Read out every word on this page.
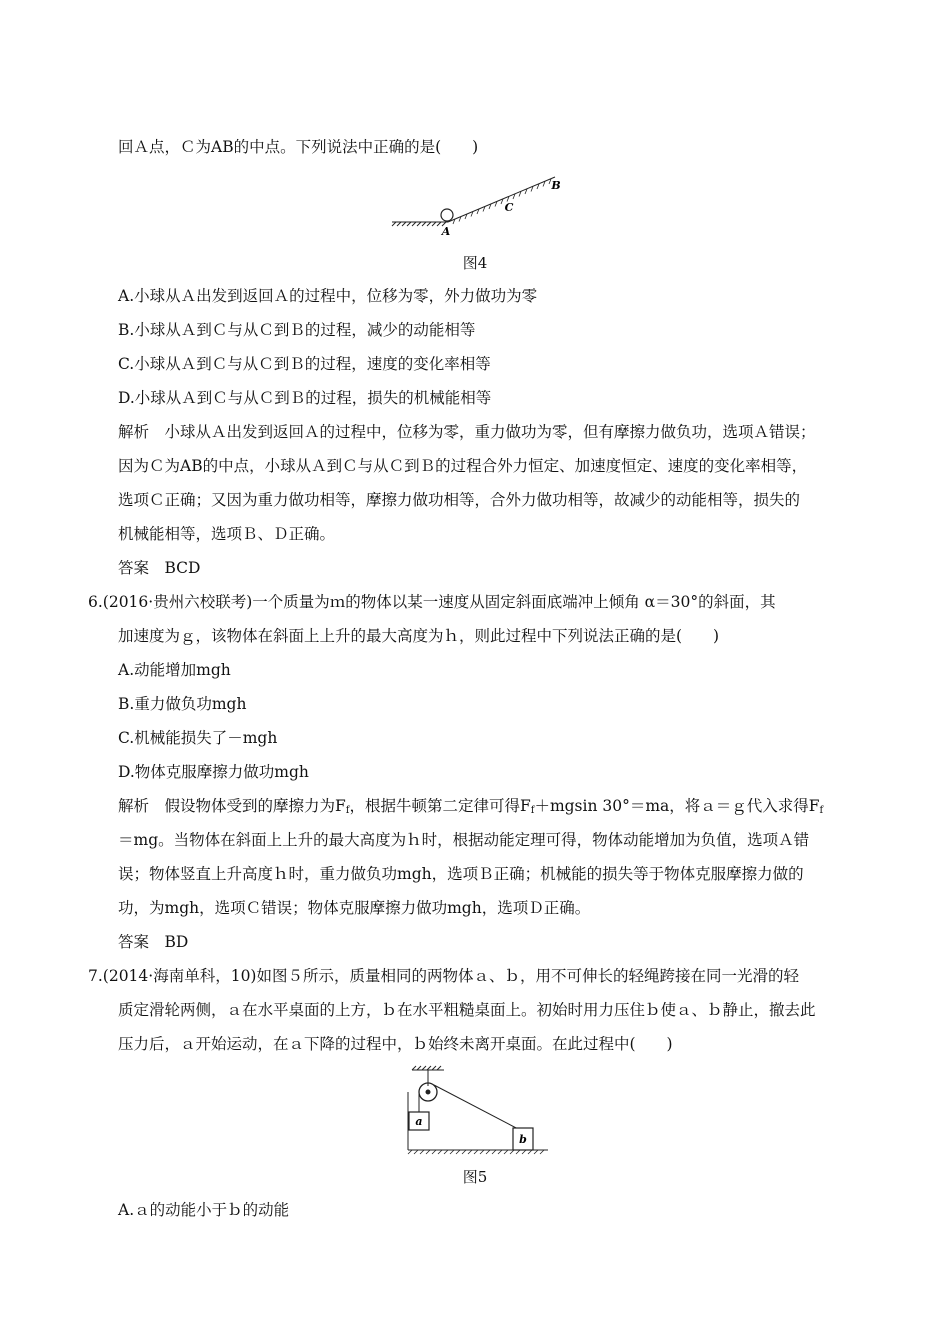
回Ａ点，Ｃ为AB的中点。下列说法中正确的是(　　)
A
C
B
图4
A.小球从Ａ出发到返回Ａ的过程中，位移为零，外力做功为零
B.小球从Ａ到Ｃ与从Ｃ到Ｂ的过程，减少的动能相等
C.小球从Ａ到Ｃ与从Ｃ到Ｂ的过程，速度的变化率相等
D.小球从Ａ到Ｃ与从Ｃ到Ｂ的过程，损失的机械能相等
解析　小球从Ａ出发到返回Ａ的过程中，位移为零，重力做功为零，但有摩擦力做负功，选项Ａ错误；
因为Ｃ为AB的中点，小球从Ａ到Ｃ与从Ｃ到Ｂ的过程合外力恒定、加速度恒定、速度的变化率相等，
选项Ｃ正确；又因为重力做功相等，摩擦力做功相等，合外力做功相等，故减少的动能相等，损失的
机械能相等，选项Ｂ、Ｄ正确。
答案　BCD
6.(2016·贵州六校联考)一个质量为ｍ的物体以某一速度从固定斜面底端冲上倾角 α＝30°的斜面，其
加速度为ｇ，该物体在斜面上上升的最大高度为ｈ，则此过程中下列说法正确的是(　　)
A.动能增加mgh
B.重力做负功mgh
C.机械能损失了－mgh
D.物体克服摩擦力做功mgh
解析　假设物体受到的摩擦力为$F_f$，根据牛顿第二定律可得$F_f+mgsin$ 30°＝ma，将ａ＝ｇ代入求得$F_f$
＝mg。当物体在斜面上上升的最大高度为ｈ时，根据动能定理可得，物体动能增加为负值，选项Ａ错
误；物体竖直上升高度ｈ时，重力做负功mgh，选项Ｂ正确；机械能的损失等于物体克服摩擦力做的
功，为mgh，选项Ｃ错误；物体克服摩擦力做功mgh，选项Ｄ正确。
答案　BD
7.(2014·海南单科，10)如图５所示，质量相同的两物体ａ、ｂ，用不可伸长的轻绳跨接在同一光滑的轻
质定滑轮两侧，ａ在水平桌面的上方，ｂ在水平粗糙桌面上。初始时用力压住ｂ使ａ、ｂ静止，撤去此
压力后，ａ开始运动，在ａ下降的过程中，ｂ始终未离开桌面。在此过程中(　　)
a
b
图5
A.ａ的动能小于ｂ的动能
